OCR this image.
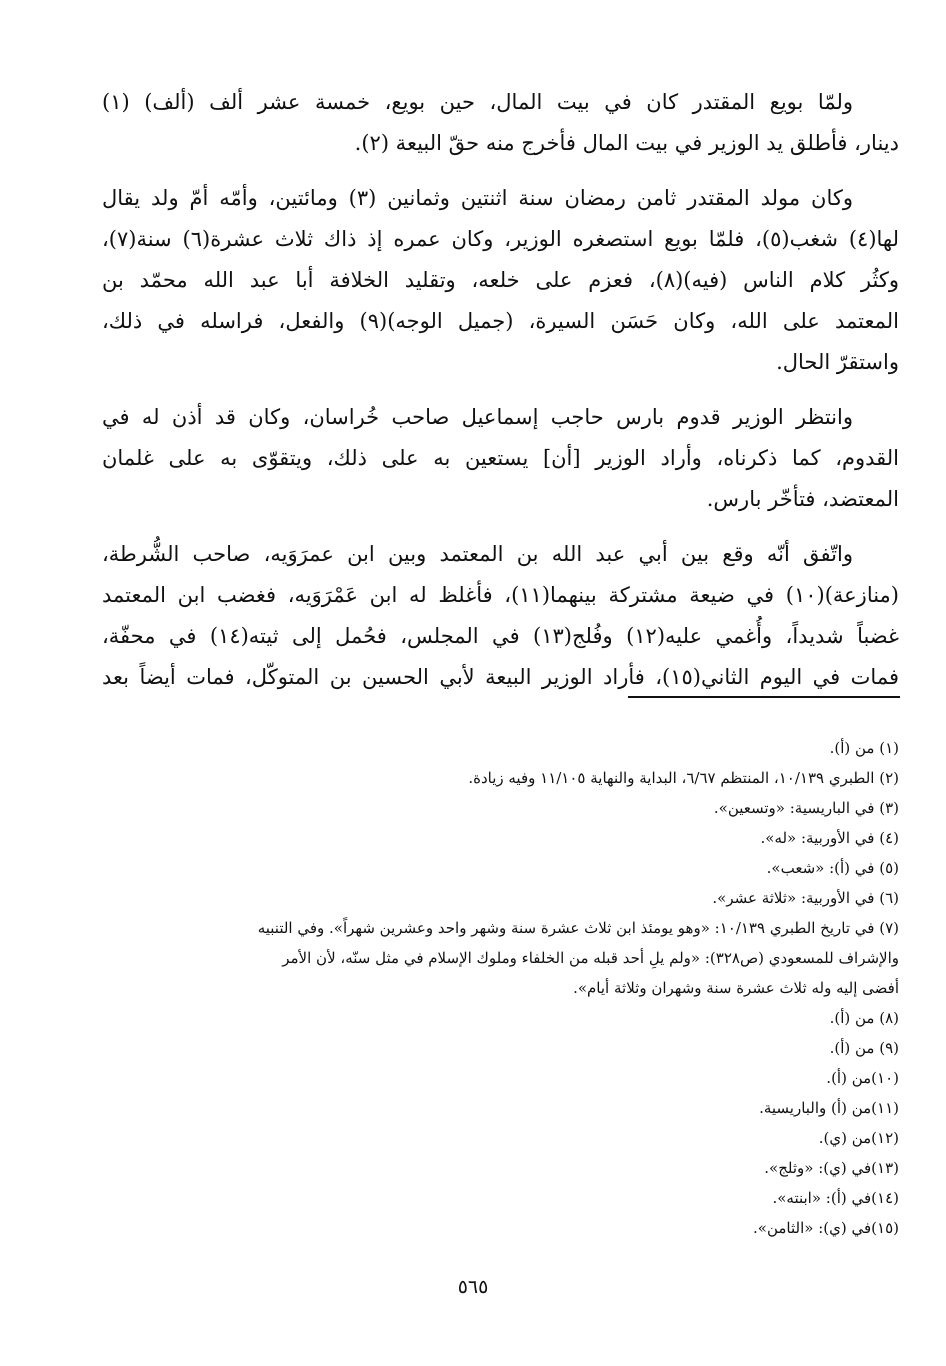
ولمّا بويع المقتدر كان في بيت المال، حين بويع، خمسة عشر ألف (ألف) (١)
دينار، فأطلق يد الوزير في بيت المال فأخرج منه حقّ البيعة (٢).

وكان مولد المقتدر ثامن رمضان سنة اثنتين وثمانين (٣) ومائتين، وأمّه أمّ ولد يقال
لها(٤) شغب(٥)، فلمّا بويع استصغره الوزير، وكان عمره إذ ذاك ثلاث عشرة(٦) سنة(٧)،
وكثُر كلام الناس (فيه)(٨)، فعزم على خلعه، وتقليد الخلافة أبا عبد الله محمّد بن
المعتمد على الله، وكان حَسَن السيرة، (جميل الوجه)(٩) والفعل، فراسله في ذلك،
واستقرّ الحال.

وانتظر الوزير قدوم بارس حاجب إسماعيل صاحب خُراسان، وكان قد أذن له في
القدوم، كما ذكرناه، وأراد الوزير [أن] يستعين به على ذلك، ويتقوّى به على غلمان
المعتضد، فتأخّر بارس.

واتّفق أنّه وقع بين أبي عبد الله بن المعتمد وبين ابن عمرَوَيه، صاحب الشُّرطة،
(منازعة)(١٠) في ضيعة مشتركة بينهما(١١)، فأغلظ له ابن عَمْرَوَيه، فغضب ابن المعتمد
غضباً شديداً، وأُغمي عليه(١٢) وفُلج(١٣) في المجلس، فحُمل إلى ثيته(١٤) في محفّة،
فمات في اليوم الثاني(١٥)، فأراد الوزير البيعة لأبي الحسين بن المتوكّل، فمات أيضاً بعد

(١) من (أ).
(٢) الطبري ١٠/١٣٩، المنتظم ٦/٦٧، البداية والنهاية ١١/١٠٥ وفيه زيادة.
(٣) في الباريسية: «وتسعين».
(٤) في الأوربية: «له».
(٥) في (أ): «شعب».
(٦) في الأوربية: «ثلاثة عشر».
(٧) في تاريخ الطبري ١٠/١٣٩: «وهو يومئذ ابن ثلاث عشرة سنة وشهر واحد وعشرين شهراً». وفي التنبيه
والإشراف للمسعودي (ص٣٢٨): «ولم يلِ أحد قبله من الخلفاء وملوك الإسلام في مثل سنّه، لأن الأمر
أفضى إليه وله ثلاث عشرة سنة وشهران وثلاثة أيام».
(٨) من (أ).
(٩) من (أ).
(١٠)من (أ).
(١١)من (أ) والباريسية.
(١٢)من (ي).
(١٣)في (ي): «وثلج».
(١٤)في (أ): «ابنته».
(١٥)في (ي): «الثامن».
٥٦٥
